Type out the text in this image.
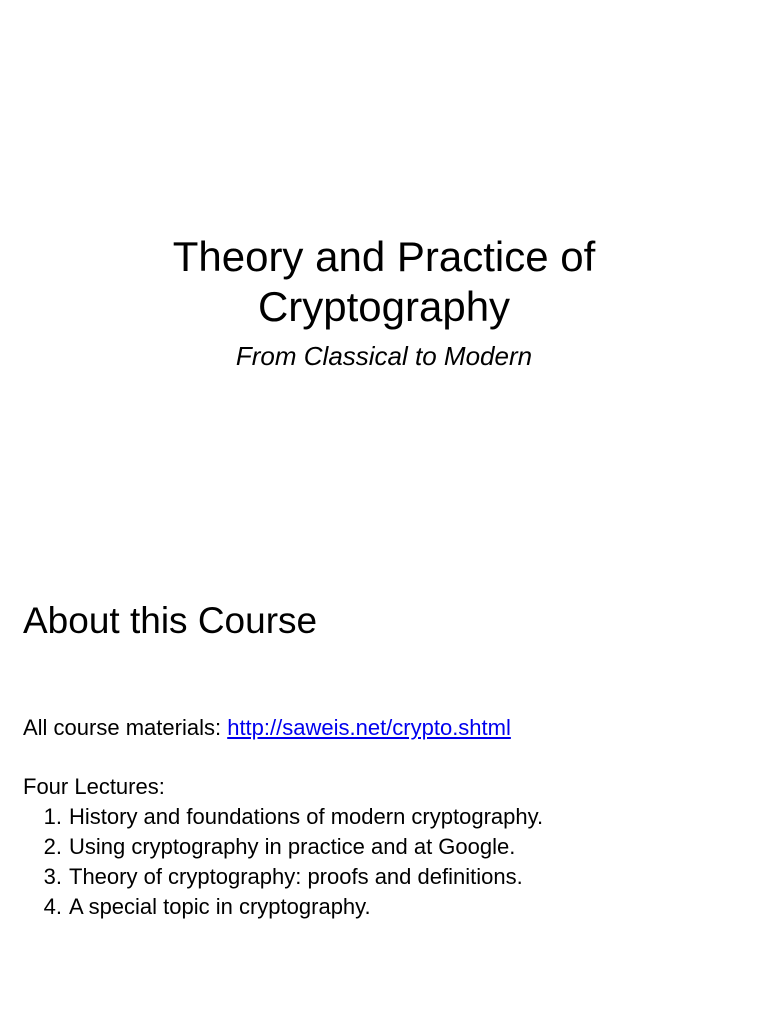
Theory and Practice of
Cryptography
From Classical to Modern
About this Course
All course materials: http://saweis.net/crypto.shtml
Four Lectures:
1 . History and foundations of modern cryptography.
2 . Using cryptography in practice and at Google.
3 . Theory of cryptography: proofs and definitions.
4 . A special topic in cryptography.
